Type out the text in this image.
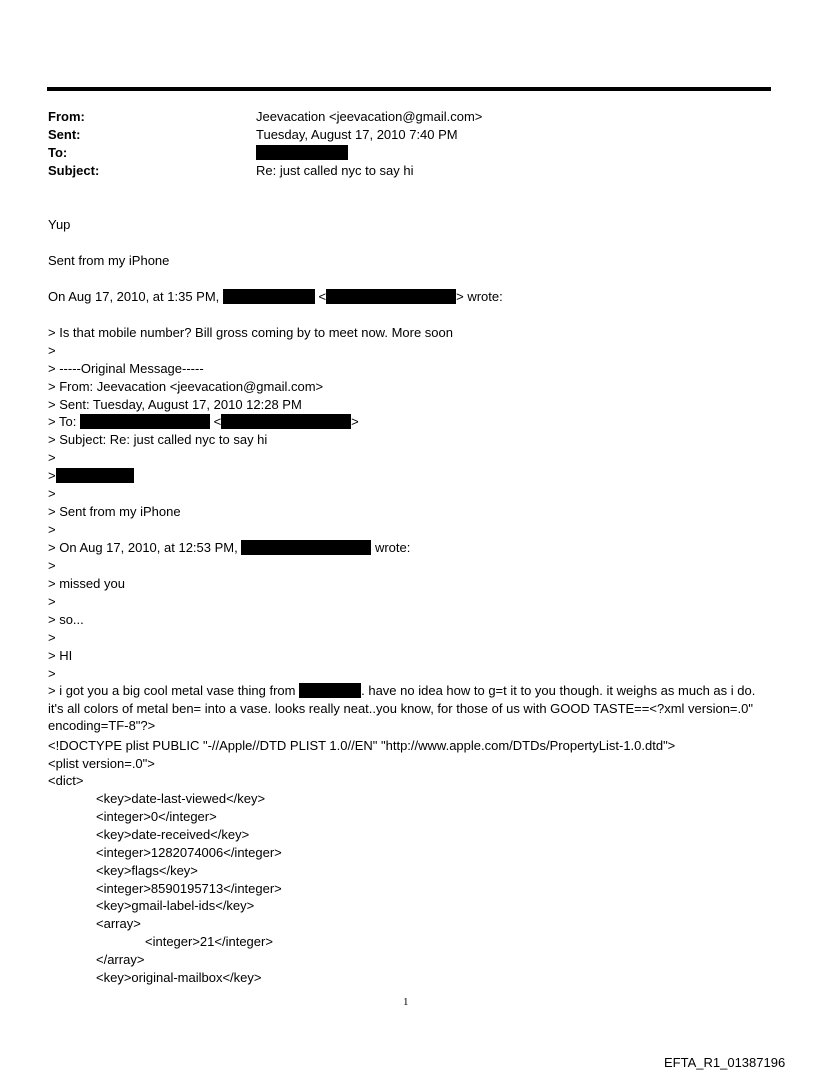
From:	Jeevacation <jeevacation@gmail.com>
Sent:	Tuesday, August 17, 2010 7:40 PM
To:
Subject:	Re: just called nyc to say hi
Yup
Sent from my iPhone
On Aug 17, 2010, at 1:35 PM,	<	> wrote:
> Is that mobile number? Bill gross coming by to meet now. More soon
>
> -----Original Message-----
> From: Jeevacation <jeevacation@gmail.com>
> Sent: Tuesday, August 17, 2010 12:28 PM
> To:	<	>
> Subject: Re: just called nyc to say hi
>
>
>
> Sent from my iPhone
>
> On Aug 17, 2010, at 12:53 PM,	wrote:
>
> missed you
>
> so...
>
> HI
>
> i got you a big cool metal vase thing from	. have no idea how to g=t it to you though. it weighs as much as i do. it's all colors of metal ben= into a vase. looks really neat..you know, for those of us with GOOD TASTE==<?xml version=.0" encoding=TF-8"?>
<!DOCTYPE plist PUBLIC "-//Apple//DTD PLIST 1.0//EN" "http://www.apple.com/DTDs/PropertyList-1.0.dtd">
<plist version=.0">
<dict>
<key>date-last-viewed</key>
<integer>0</integer>
<key>date-received</key>
<integer>1282074006</integer>
<key>flags</key>
<integer>8590195713</integer>
<key>gmail-label-ids</key>
<array>
<integer>21</integer>
</array>
<key>original-mailbox</key>
1
EFTA_R1_01387196
